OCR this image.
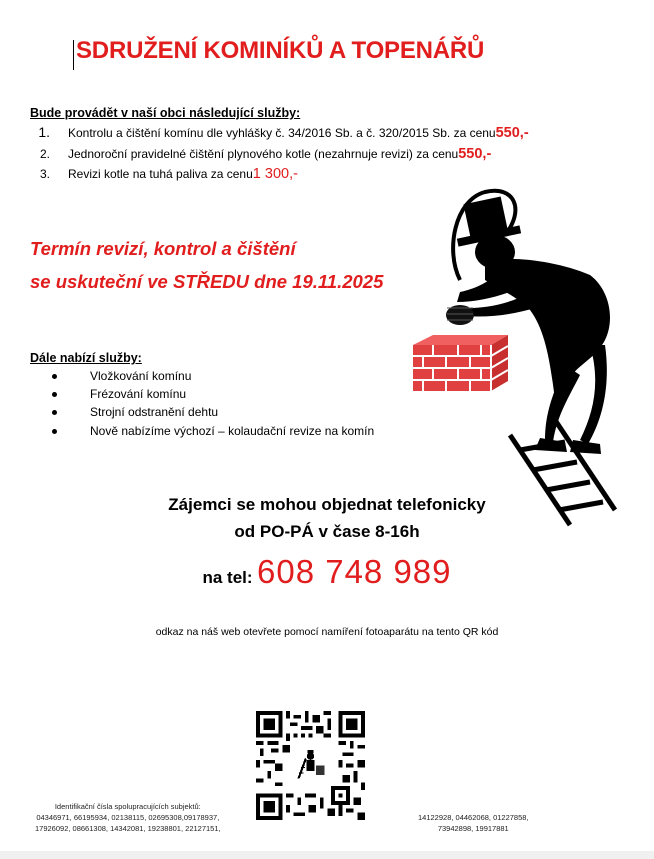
SDRUŽENÍ KOMINÍKŮ A TOPENÁŘŮ
Bude provádět v naší obci následující služby:
1. Kontrolu a čištění komínu dle vyhlášky č. 34/2016 Sb. a č. 320/2015 Sb. za cenu 550,-
2. Jednoroční pravidelné čištění plynového kotle (nezahrnuje revizi) za cenu 550,-
3. Revizi kotle na tuhá paliva za cenu 1 300,-
Termín revizí, kontrol a čištění
se uskuteční ve STŘEDU dne 19.11.2025
Dále nabízí služby:
Vložkování komínu
Frézování komínu
Strojní odstranění dehtu
Nově nabízíme výchozí – kolaudační revize na komín
Zájemci se mohou objednat telefonicky
od PO-PÁ v čase 8-16h
na tel: 608 748 989
odkaz na náš web otevřete pomocí namíření fotoaparátu na tento QR kód
Identifikační čísla spolupracujících subjektů:
04346971, 66195934, 02138115, 02695308,09178937,
17926092, 08661308, 14342081, 19238801, 22127151,
14122928, 04462068, 01227858,
73942898, 19917881
